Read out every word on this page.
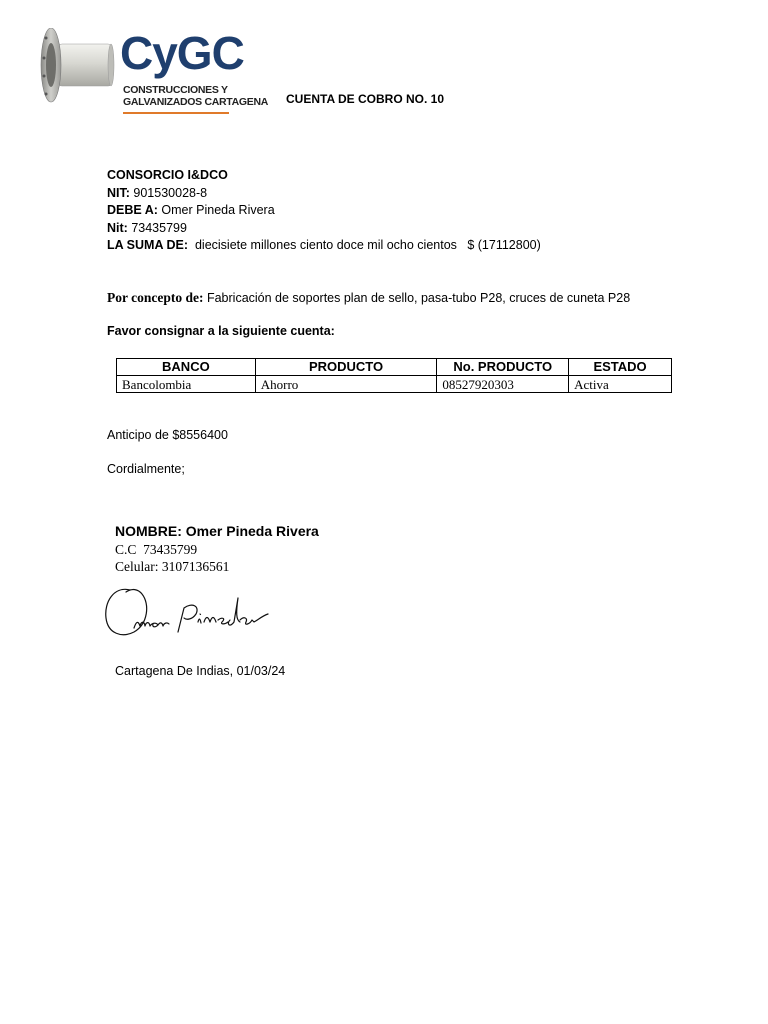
CyGC
CONSTRUCCIONES Y
GALVANIZADOS CARTAGENA CUENTA DE COBRO NO. 10
CONSORCIO I&DCO
NIT: 901530028-8
DEBE A: Omer Pineda Rivera
Nit: 73435799
LA SUMA DE: diecisiete millones ciento doce mil ocho cientos   $ (17112800)
Por concepto de: Fabricación de soportes plan de sello, pasa-tubo P28, cruces de cuneta P28
Favor consignar a la siguiente cuenta:
BANCO	PRODUCTO	No. PRODUCTO	ESTADO
Bancolombia	Ahorro	08527920303	Activa
Anticipo de $8556400
Cordialmente;
NOMBRE: Omer Pineda Rivera
C.C  73435799
Celular: 3107136561
Cartagena De Indias, 01/03/24
